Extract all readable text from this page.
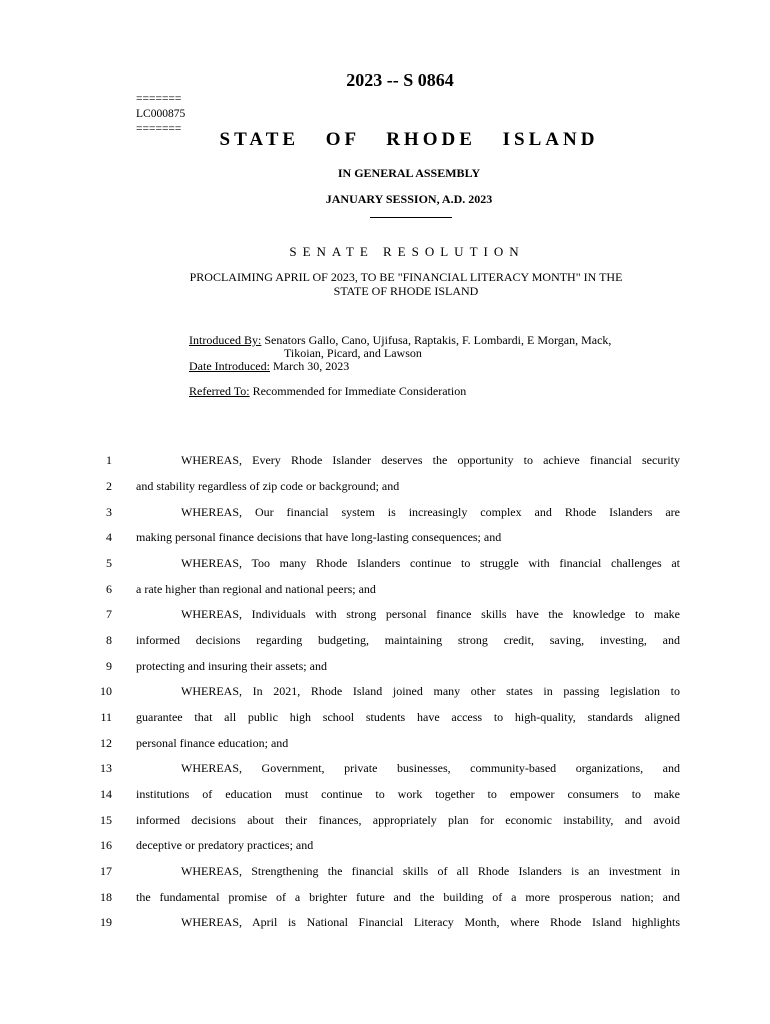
2023 -- S 0864
=======
LC000875
=======	STATE OF RHODE ISLAND
IN GENERAL ASSEMBLY
JANUARY SESSION, A.D. 2023
SENATE RESOLUTION
PROCLAIMING APRIL OF 2023, TO BE "FINANCIAL LITERACY MONTH" IN THE
STATE OF RHODE ISLAND
Introduced By: Senators Gallo, Cano, Ujifusa, Raptakis, F. Lombardi, E Morgan, Mack,
Tikoian, Picard, and Lawson
Date Introduced: March 30, 2023
Referred To: Recommended for Immediate Consideration
1	WHEREAS, Every Rhode Islander deserves the opportunity to achieve financial security
2 and stability regardless of zip code or background; and
3	WHEREAS, Our financial system is increasingly complex and Rhode Islanders are
4 making personal finance decisions that have long-lasting consequences; and
5	WHEREAS, Too many Rhode Islanders continue to struggle with financial challenges at
6 a rate higher than regional and national peers; and
7	WHEREAS, Individuals with strong personal finance skills have the knowledge to make
8 informed decisions regarding budgeting, maintaining strong credit, saving, investing, and
9 protecting and insuring their assets; and
10	WHEREAS, In 2021, Rhode Island joined many other states in passing legislation to
11 guarantee that all public high school students have access to high-quality, standards aligned
12 personal finance education; and
13	WHEREAS, Government, private businesses, community-based organizations, and
14 institutions of education must continue to work together to empower consumers to make
15 informed decisions about their finances, appropriately plan for economic instability, and avoid
16 deceptive or predatory practices; and
17	WHEREAS, Strengthening the financial skills of all Rhode Islanders is an investment in
18 the fundamental promise of a brighter future and the building of a more prosperous nation; and
19	WHEREAS, April is National Financial Literacy Month, where Rhode Island highlights
